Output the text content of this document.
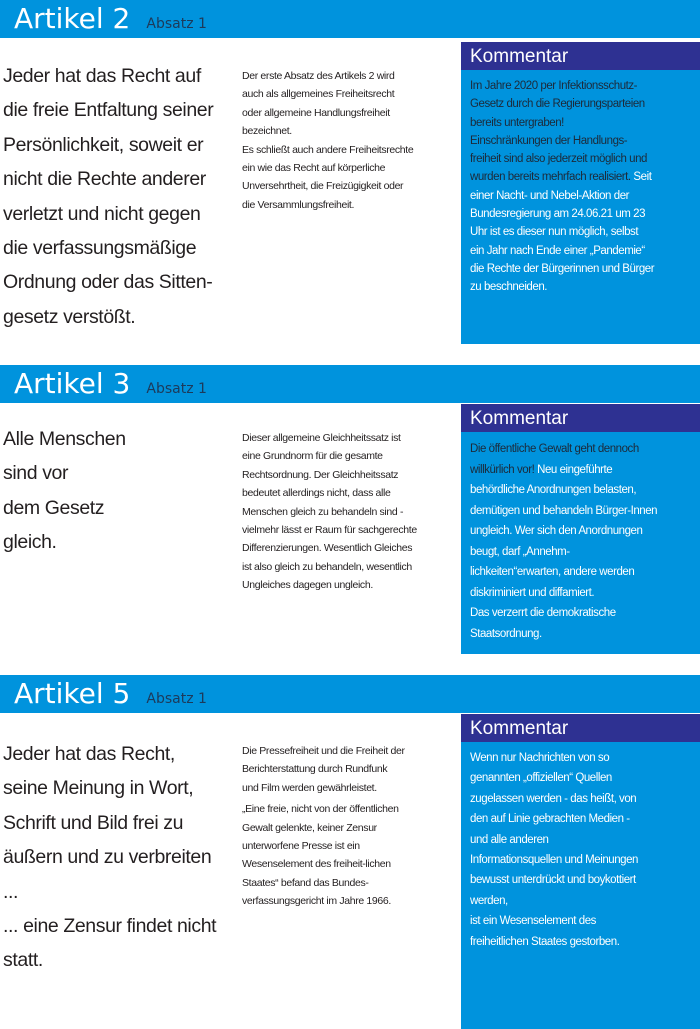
Artikel 2 Absatz 1
Jeder hat das Recht auf
die freie Entfaltung seiner
Persönlichkeit, soweit er
nicht die Rechte anderer
verletzt und nicht gegen
die verfassungsmäßige
Ordnung oder das Sitten-
gesetz verstößt.

Der erste Absatz des Artikels 2 wird

auch als allgemeines Freiheitsrecht

oder allgemeine Handlungsfreiheit

bezeichnet.

Es schließt auch andere Freiheitsrechte

ein wie das Recht auf körperliche

Unversehrtheit, die Freizügigkeit oder

die Versammlungsfreiheit.

Kommentar

Im Jahre 2020 per Infektionsschutz-

Gesetz durch die Regierungsparteien

bereits untergraben!

Einschränkungen der Handlungs-

freiheit sind also jederzeit möglich und

wurden bereits mehrfach realisiert. Seit

einer Nacht- und Nebel-Aktion der

Bundesregierung am 24.06.21 um 23

Uhr ist es dieser nun möglich, selbst

ein Jahr nach Ende einer „Pandemie“

die Rechte der Bürgerinnen und Bürger

zu beschneiden.

Artikel 3 Absatz 1
Alle Menschen
sind vor
dem Gesetz
gleich.

Dieser allgemeine Gleichheitssatz ist

eine Grundnorm für die gesamte

Rechtsordnung. Der Gleichheitssatz

bedeutet allerdings nicht, dass alle

Menschen gleich zu behandeln sind -

vielmehr lässt er Raum für sachgerechte

Differenzierungen. Wesentlich Gleiches

ist also gleich zu behandeln, wesentlich

Ungleiches dagegen ungleich.

Kommentar

Die öffentliche Gewalt geht dennoch

willkürlich vor! Neu eingeführte

behördliche Anordnungen belasten,

demütigen und behandeln Bürger-Innen

ungleich. Wer sich den Anordnungen

beugt, darf „Annehm-

lichkeiten“erwarten, andere werden

diskriminiert und diffamiert.

Das verzerrt die demokratische

Staatsordnung.

Artikel 5 Absatz 1
Jeder hat das Recht,
seine Meinung in Wort,
Schrift und Bild frei zu
äußern und zu verbreiten ...
... eine Zensur findet nicht
statt.

Die Pressefreiheit und die Freiheit der

Berichterstattung durch Rundfunk

und Film werden gewährleistet.

„Eine freie, nicht von der öffentlichen

Gewalt gelenkte, keiner Zensur

unterworfene Presse ist ein

Wesenselement des freiheit-lichen

Staates“ befand das Bundes-

verfassungsgericht im Jahre 1966.

Kommentar

Wenn nur Nachrichten von so

genannten „offiziellen“ Quellen

zugelassen werden - das heißt, von

den auf Linie gebrachten Medien -

und alle anderen

Informationsquellen und Meinungen

bewusst unterdrückt und boykottiert

werden,

ist ein Wesenselement des

freiheitlichen Staates gestorben.
